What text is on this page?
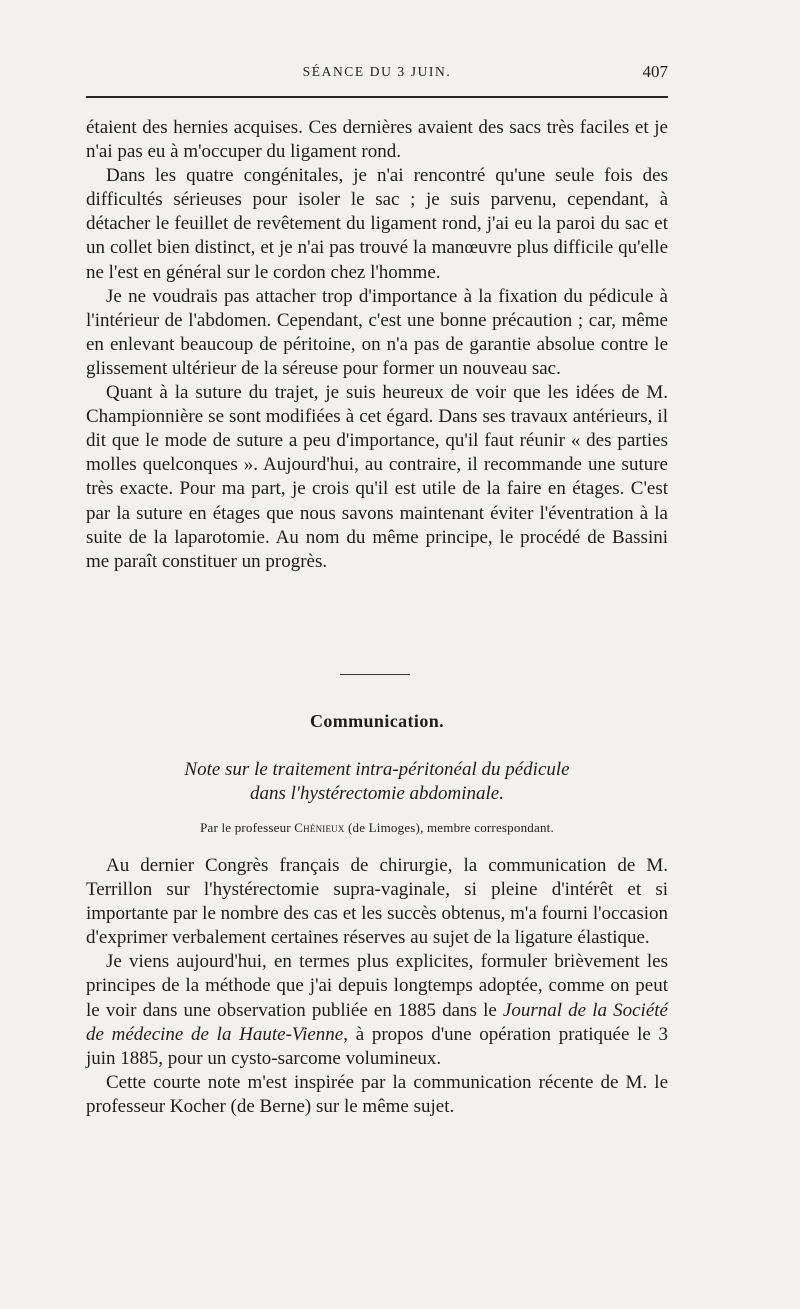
SÉANCE DU 3 JUIN.	407

étaient des hernies acquises. Ces dernières avaient des sacs très faciles et je n'ai pas eu à m'occuper du ligament rond.

Dans les quatre congénitales, je n'ai rencontré qu'une seule fois des difficultés sérieuses pour isoler le sac ; je suis parvenu, cependant, à détacher le feuillet de revêtement du ligament rond, j'ai eu la paroi du sac et un collet bien distinct, et je n'ai pas trouvé la manœuvre plus difficile qu'elle ne l'est en général sur le cordon chez l'homme.

Je ne voudrais pas attacher trop d'importance à la fixation du pédicule à l'intérieur de l'abdomen. Cependant, c'est une bonne précaution ; car, même en enlevant beaucoup de péritoine, on n'a pas de garantie absolue contre le glissement ultérieur de la séreuse pour former un nouveau sac.

Quant à la suture du trajet, je suis heureux de voir que les idées de M. Championnière se sont modifiées à cet égard. Dans ses travaux antérieurs, il dit que le mode de suture a peu d'importance, qu'il faut réunir « des parties molles quelconques ». Aujourd'hui, au contraire, il recommande une suture très exacte. Pour ma part, je crois qu'il est utile de la faire en étages. C'est par la suture en étages que nous savons maintenant éviter l'éventration à la suite de la laparotomie. Au nom du même principe, le procédé de Bassini me paraît constituer un progrès.

Communication.
Note sur le traitement intra-péritonéal du pédicule
dans l'hystérectomie abdominale.
Par le professeur Chénieux (de Limoges), membre correspondant.

Au dernier Congrès français de chirurgie, la communication de M. Terrillon sur l'hystérectomie supra-vaginale, si pleine d'intérêt et si importante par le nombre des cas et les succès obtenus, m'a fourni l'occasion d'exprimer verbalement certaines réserves au sujet de la ligature élastique.

Je viens aujourd'hui, en termes plus explicites, formuler brièvement les principes de la méthode que j'ai depuis longtemps adoptée, comme on peut le voir dans une observation publiée en 1885 dans le Journal de la Société de médecine de la Haute-Vienne, à propos d'une opération pratiquée le 3 juin 1885, pour un cysto-sarcome volumineux.

Cette courte note m'est inspirée par la communication récente de M. le professeur Kocher (de Berne) sur le même sujet.
